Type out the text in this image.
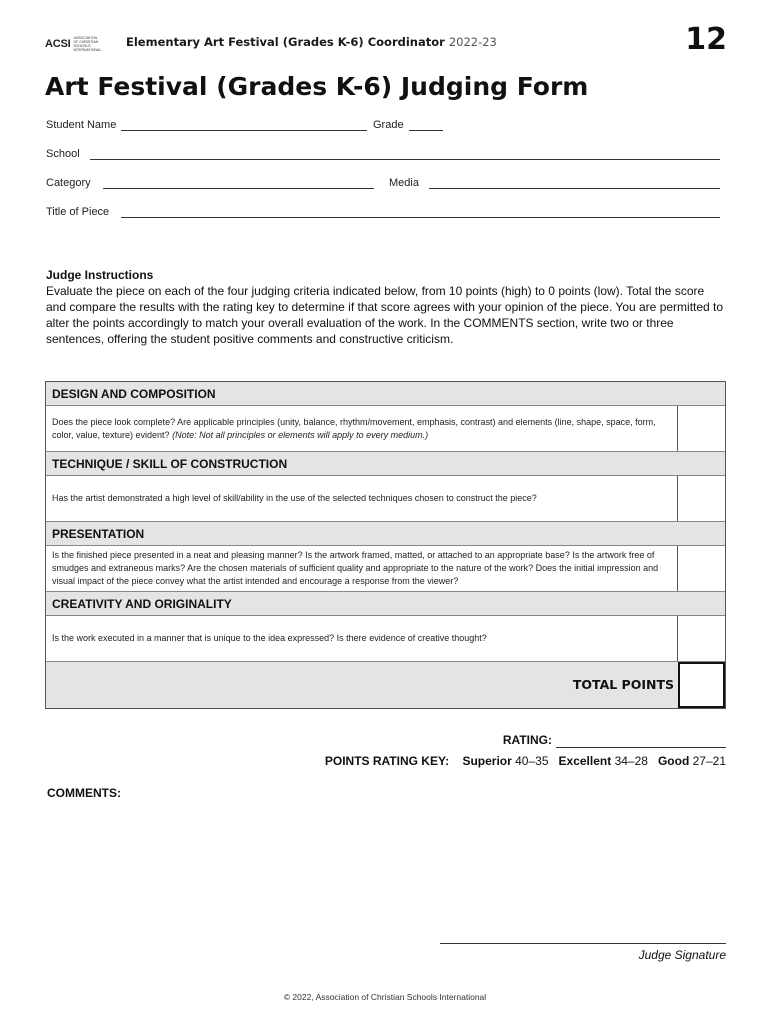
ACSI ASSOCIATION OF CHRISTIAN SCHOOLS INTERNATIONAL
Elementary Art Festival (Grades K-6) Coordinator 2022-23	12
Art Festival (Grades K-6) Judging Form
Student Name	Grade
School
Category	Media
Title of Piece
Judge Instructions
Evaluate the piece on each of the four judging criteria indicated below, from 10 points (high) to 0 points (low). Total the score and compare the results with the rating key to determine if that score agrees with your opinion of the piece. You are permitted to alter the points accordingly to match your overall evaluation of the work. In the COMMENTS section, write two or three sentences, offering the student positive comments and constructive criticism.
DESIGN AND COMPOSITION
Does the piece look complete? Are applicable principles (unity, balance, rhythm/movement, emphasis, contrast) and elements (line, shape, space, form, color, value, texture) evident? (Note: Not all principles or elements will apply to every medium.)
TECHNIQUE / SKILL OF CONSTRUCTION
Has the artist demonstrated a high level of skill/ability in the use of the selected techniques chosen to construct the piece?
PRESENTATION
Is the finished piece presented in a neat and pleasing manner? Is the artwork framed, matted, or attached to an appropriate base? Is the artwork free of smudges and extraneous marks? Are the chosen materials of sufficient quality and appropriate to the nature of the work? Does the initial impression and visual impact of the piece convey what the artist intended and encourage a response from the viewer?
CREATIVITY AND ORIGINALITY
Is the work executed in a manner that is unique to the idea expressed? Is there evidence of creative thought?
TOTAL POINTS
RATING:
POINTS RATING KEY: Superior 40–35 Excellent 34–28 Good 27–21
COMMENTS:
Judge Signature
© 2022, Association of Christian Schools International
